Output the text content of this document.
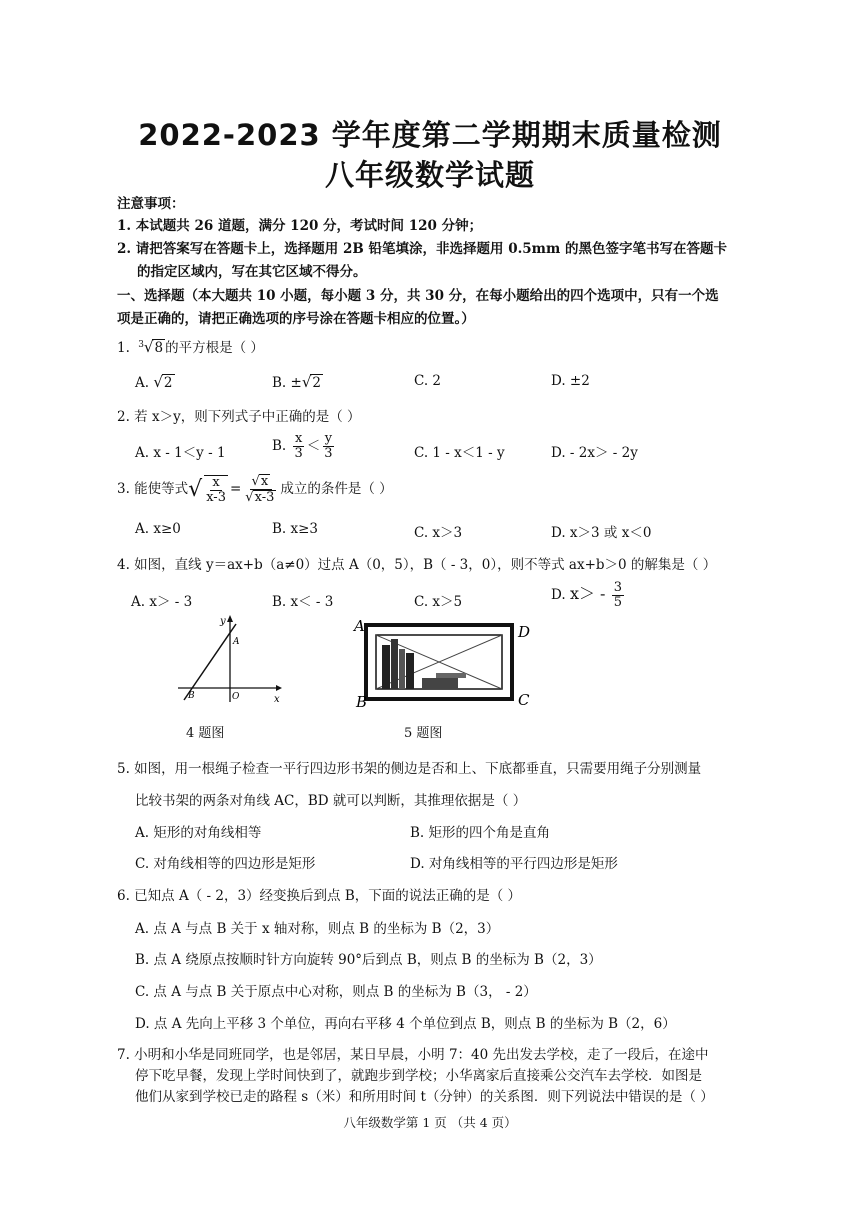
2022-2023 学年度第二学期期末质量检测
八年级数学试题
注意事项：
1. 本试题共 26 道题，满分 120 分，考试时间 120 分钟；
2. 请把答案写在答题卡上，选择题用 2B 铅笔填涂，非选择题用 0.5mm 的黑色签字笔书写在答题卡
的指定区域内，写在其它区域不得分。
一、选择题（本大题共 10 小题，每小题 3 分，共 30 分，在每小题给出的四个选项中，只有一个选
项是正确的，请把正确选项的序号涂在答题卡相应的位置。）
1. $^3$√8 的平方根是（ ）
A. √2	B. ±√2	C. 2	D. ±2
2. 若 x＞y，则下列式子中正确的是（ ）
A. x - 1＜y - 1	B. $\frac{x}{3} < \frac{y}{3}$	C. 1 - x＜1 - y	D. - 2x＞ - 2y
3. 能使等式√ $\frac{x}{x-3} = \frac{√x}{√x-3}$ 成立的条件是（ ）
A. x≥0	B. x≥3	C. x＞3	D. x＞3 或 x＜0
4. 如图，直线 y＝ax+b（a≠0）过点 A（0，5），B（ - 3，0），则不等式 ax+b＞0 的解集是（ ）
A. x＞ - 3	B. x＜ - 3	C. x＞5	D. $x> - \frac{3}{5}$
y
x
A
B	O
4 题图
A	D
B	C
5 题图
5. 如图，用一根绳子检查一平行四边形书架的侧边是否和上、下底都垂直，只需要用绳子分别测量
比较书架的两条对角线 AC，BD 就可以判断，其推理依据是（ ）
A. 矩形的对角线相等	B. 矩形的四个角是直角
C. 对角线相等的四边形是矩形	D. 对角线相等的平行四边形是矩形
6. 已知点 A（ - 2，3）经变换后到点 B，下面的说法正确的是（ ）
A. 点 A 与点 B 关于 x 轴对称，则点 B 的坐标为 B（2，3）
B. 点 A 绕原点按顺时针方向旋转 90°后到点 B，则点 B 的坐标为 B（2，3）
C. 点 A 与点 B 关于原点中心对称，则点 B 的坐标为 B（3， - 2）
D. 点 A 先向上平移 3 个单位，再向右平移 4 个单位到点 B，则点 B 的坐标为 B（2，6）
7. 小明和小华是同班同学，也是邻居，某日早晨，小明 7：40 先出发去学校，走了一段后，在途中
停下吃早餐，发现上学时间快到了，就跑步到学校；小华离家后直接乘公交汽车去学校．如图是
他们从家到学校已走的路程 s（米）和所用时间 t（分钟）的关系图．则下列说法中错误的是（ ）
八年级数学第 1 页 （共 4 页）
